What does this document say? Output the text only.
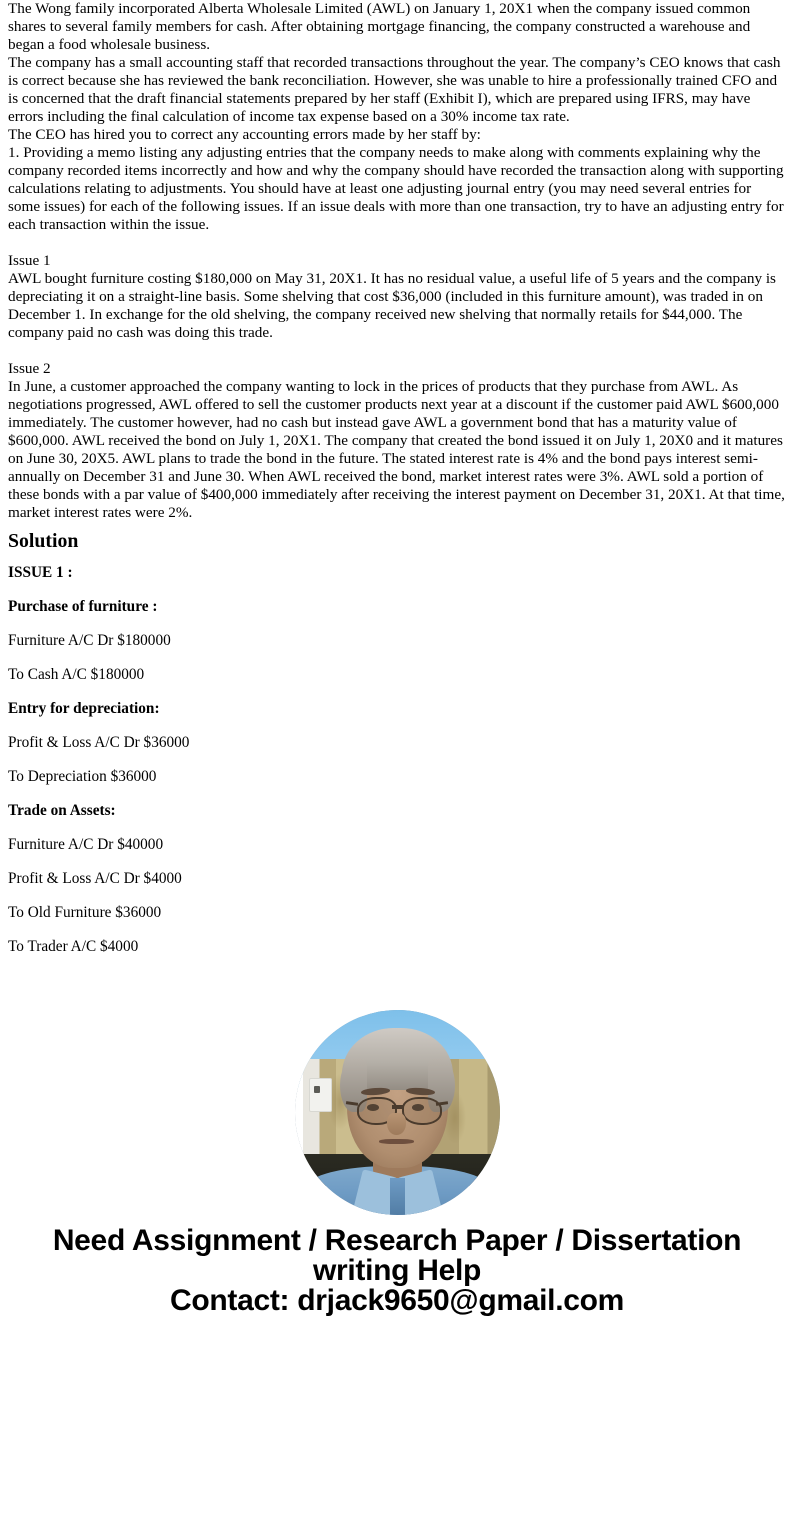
The Wong family incorporated Alberta Wholesale Limited (AWL) on January 1, 20X1 when the company issued common shares to several family members for cash. After obtaining mortgage financing, the company constructed a warehouse and began a food wholesale business.

The company has a small accounting staff that recorded transactions throughout the year. The company’s CEO knows that cash is correct because she has reviewed the bank reconciliation. However, she was unable to hire a professionally trained CFO and is concerned that the draft financial statements prepared by her staff (Exhibit I), which are prepared using IFRS, may have errors including the final calculation of income tax expense based on a 30% income tax rate.

The CEO has hired you to correct any accounting errors made by her staff by:

1. Providing a memo listing any adjusting entries that the company needs to make along with comments explaining why the company recorded items incorrectly and how and why the company should have recorded the transaction along with supporting calculations relating to adjustments. You should have at least one adjusting journal entry (you may need several entries for some issues) for each of the following issues. If an issue deals with more than one transaction, try to have an adjusting entry for each transaction within the issue.

Issue 1

AWL bought furniture costing $180,000 on May 31, 20X1. It has no residual value, a useful life of 5 years and the company is depreciating it on a straight-line basis. Some shelving that cost $36,000 (included in this furniture amount), was traded in on December 1. In exchange for the old shelving, the company received new shelving that normally retails for $44,000. The company paid no cash was doing this trade.

Issue 2

In June, a customer approached the company wanting to lock in the prices of products that they purchase from AWL. As negotiations progressed, AWL offered to sell the customer products next year at a discount if the customer paid AWL $600,000 immediately. The customer however, had no cash but instead gave AWL a government bond that has a maturity value of $600,000. AWL received the bond on July 1, 20X1. The company that created the bond issued it on July 1, 20X0 and it matures on June 30, 20X5. AWL plans to trade the bond in the future. The stated interest rate is 4% and the bond pays interest semi-annually on December 31 and June 30. When AWL received the bond, market interest rates were 3%. AWL sold a portion of these bonds with a par value of $400,000 immediately after receiving the interest payment on December 31, 20X1. At that time, market interest rates were 2%.

Solution

ISSUE 1 :

Purchase of furniture :

Furniture A/C Dr $180000

To Cash A/C $180000

Entry for depreciation:

Profit & Loss A/C Dr $36000

To Depreciation $36000

Trade on Assets:

Furniture A/C Dr $40000

Profit & Loss A/C Dr $4000

To Old Furniture $36000

To Trader A/C $4000

Need Assignment / Research Paper / Dissertation
writing Help
Contact: drjack9650@gmail.com
